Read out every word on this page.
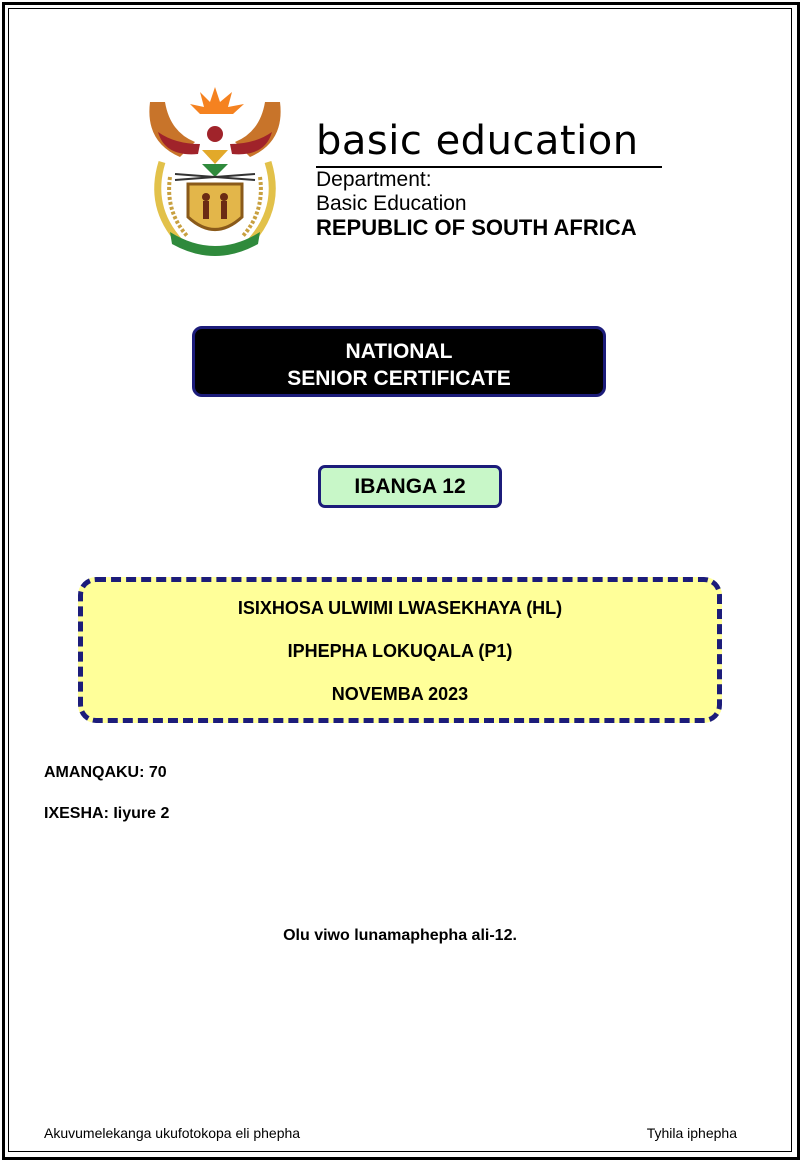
basic education
Department:
Basic Education
REPUBLIC OF SOUTH AFRICA
NATIONAL
SENIOR CERTIFICATE
IBANGA 12
ISIXHOSA ULWIMI LWASEKHAYA (HL)
IPHEPHA LOKUQALA (P1)
NOVEMBA 2023
AMANQAKU: 70
IXESHA: Iiyure 2
Olu viwo lunamaphepha ali-12.
Akuvumelekanga ukufotokopa eli phepha	Tyhila iphepha
